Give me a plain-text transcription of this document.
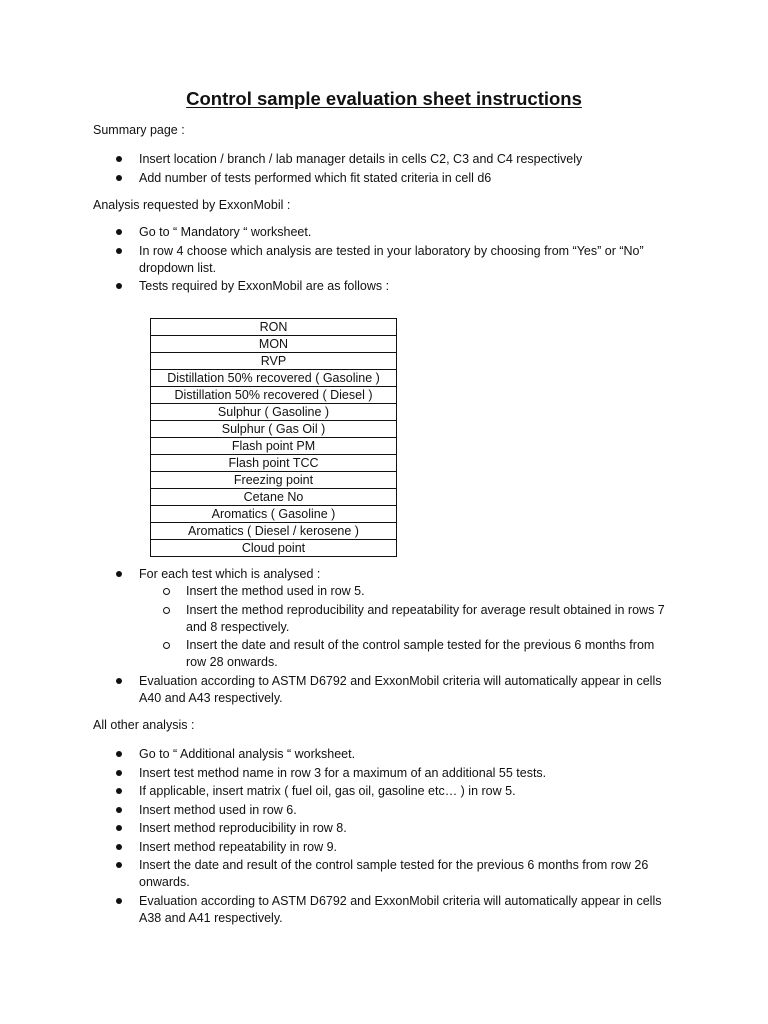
Control sample evaluation sheet instructions

Summary page :

Insert location / branch / lab manager details in cells C2, C3 and C4 respectively
Add number of tests performed which fit stated criteria in cell d6

Analysis requested by ExxonMobil :

Go to “ Mandatory “ worksheet.
In row 4 choose which analysis are tested in your laboratory by choosing from “Yes” or “No” dropdown list.
Tests required by ExxonMobil are as follows :
RON
MON
RVP
Distillation 50% recovered ( Gasoline )
Distillation 50% recovered ( Diesel )
Sulphur ( Gasoline )
Sulphur ( Gas Oil )
Flash point PM
Flash point TCC
Freezing point
Cetane No
Aromatics ( Gasoline )
Aromatics ( Diesel / kerosene )
Cloud point
For each test which is analysed :
Insert the method used in row 5.
Insert the method reproducibility and repeatability for average result obtained in rows 7 and 8 respectively.
Insert the date and result of the control sample tested for the previous 6 months from row 28 onwards.
Evaluation according to ASTM D6792 and ExxonMobil criteria will automatically appear in cells A40 and A43 respectively.

All other analysis :

Go to “ Additional analysis “ worksheet.
Insert test method name in row 3 for a maximum of an additional 55 tests.
If applicable, insert matrix ( fuel oil, gas oil, gasoline etc… ) in row 5.
Insert method used in row 6.
Insert method reproducibility in row 8.
Insert method repeatability in row 9.
Insert the date and result of the control sample tested for the previous 6 months from row 26 onwards.
Evaluation according to ASTM D6792 and ExxonMobil criteria will automatically appear in cells A38 and A41 respectively.
